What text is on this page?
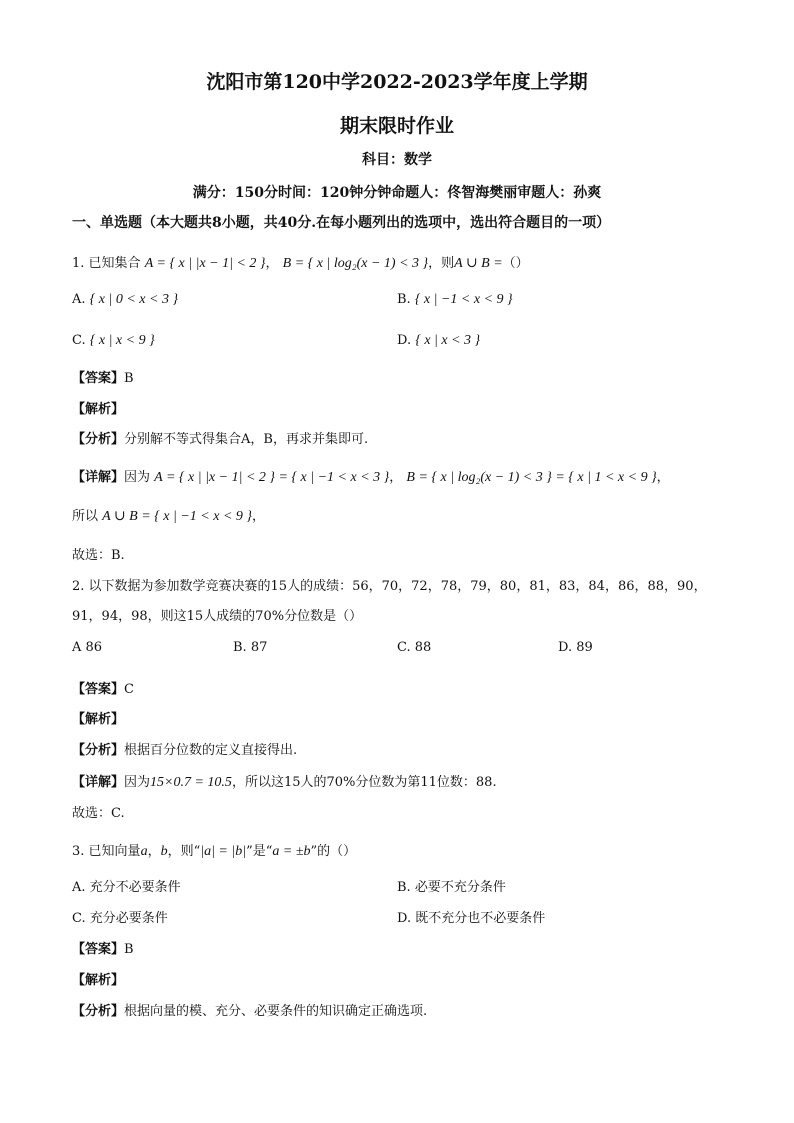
沈阳市第120中学2022-2023学年度上学期
期末限时作业
科目：数学
满分：150分时间：120钟分钟命题人：佟智海樊丽审题人：孙爽
一、单选题（本大题共8小题，共40分.在每小题列出的选项中，选出符合题目的一项）
1. 已知集合 A = { x | |x − 1| < 2 }， B = { x | log₂(x − 1) < 3 }，则A ∪ B =（）
A. { x | 0 < x < 3 }	B. { x | −1 < x < 9 }
C. { x | x < 9 }	D. { x | x < 3 }
【答案】B
【解析】
【分析】分别解不等式得集合A，B，再求并集即可.
【详解】因为 A = { x | |x − 1| < 2 } = { x | −1 < x < 3 }， B = { x | log₂(x − 1) < 3 } = { x | 1 < x < 9 }，
所以 A ∪ B = { x | −1 < x < 9 }，
故选：B.
2. 以下数据为参加数学竞赛决赛的15人的成绩：56，70，72，78，79，80，81，83，84，86，88，90，
91，94，98，则这15人成绩的70%分位数是（）
A 86	B. 87	C. 88	D. 89
【答案】C
【解析】
【分析】根据百分位数的定义直接得出.
【详解】因为15×0.7 = 10.5，所以这15人的70%分位数为第11位数：88.
故选：C.
3. 已知向量a，b，则“|a| = |b|”是“a = ±b”的（）
A. 充分不必要条件	B. 必要不充分条件
C. 充分必要条件	D. 既不充分也不必要条件
【答案】B
【解析】
【分析】根据向量的模、充分、必要条件的知识确定正确选项.
